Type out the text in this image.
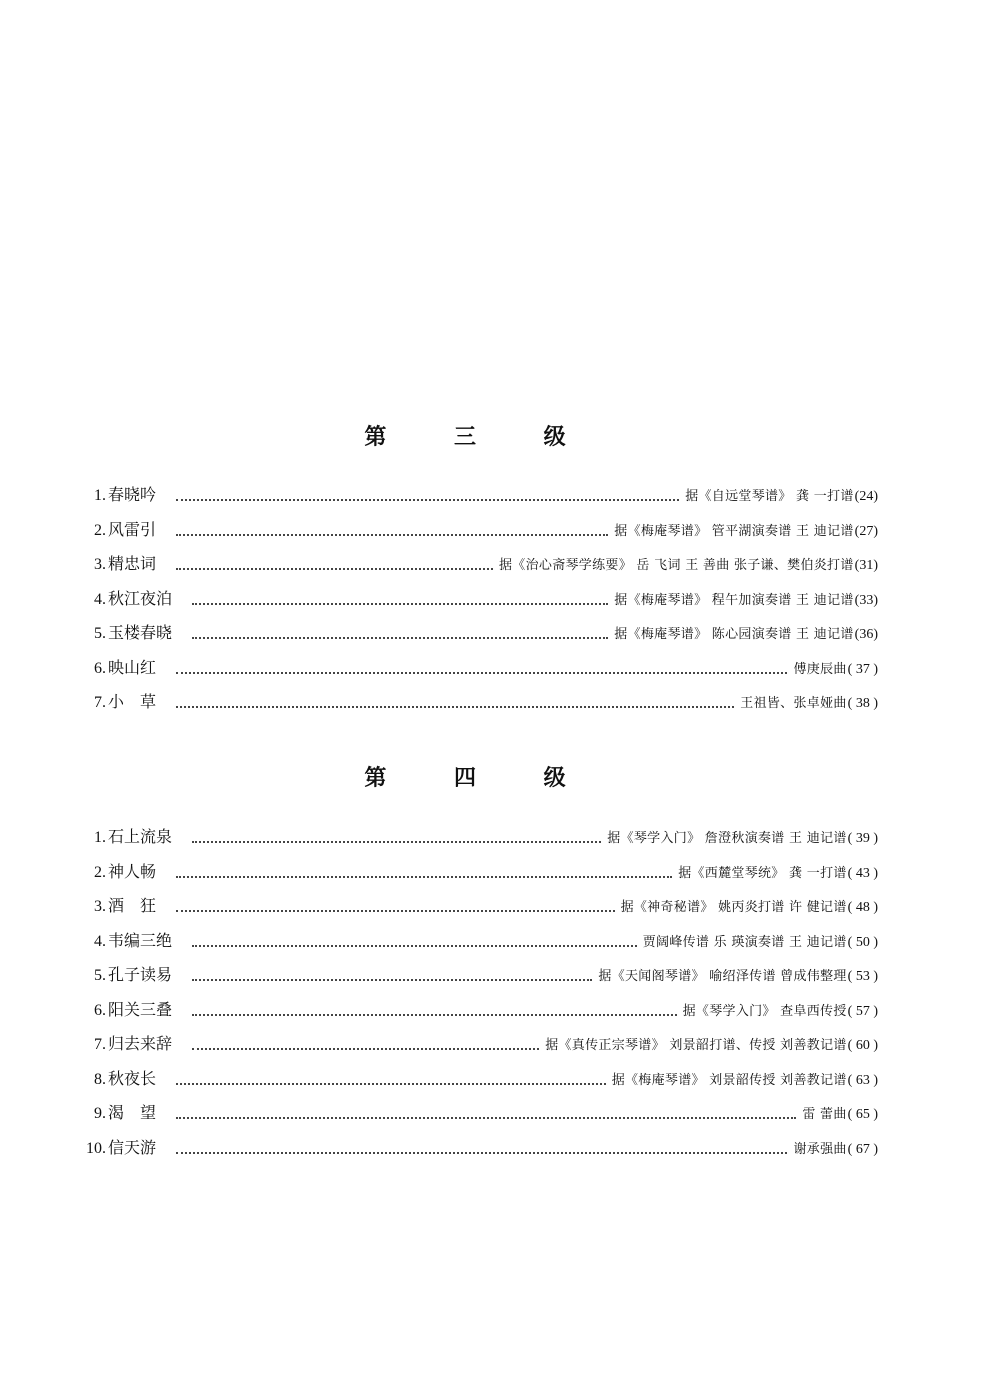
第 三 级
1. 春晓吟	据《自远堂琴谱》 龚 一打谱 (24)
2. 风雷引	据《梅庵琴谱》 管平湖演奏谱 王 迪记谱 (27)
3. 精忠词	据《治心斋琴学练要》 岳 飞词 王 善曲 张子谦、樊伯炎打谱 (31)
4. 秋江夜泊	据《梅庵琴谱》 程午加演奏谱 王 迪记谱 (33)
5. 玉楼春晓	据《梅庵琴谱》 陈心园演奏谱 王 迪记谱 (36)
6. 映山红	傅庚辰曲 ( 37 )
7. 小　草	王祖皆、张卓娅曲 ( 38 )
第 四 级
1. 石上流泉	据《琴学入门》 詹澄秋演奏谱 王 迪记谱 ( 39 )
2. 神人畅	据《西麓堂琴统》 龚 一打谱 ( 43 )
3. 酒　狂	据《神奇秘谱》 姚丙炎打谱 许 健记谱 ( 48 )
4. 韦编三绝	贾阔峰传谱 乐 瑛演奏谱 王 迪记谱 ( 50 )
5. 孔子读易	据《天闻阁琴谱》 喻绍泽传谱 曾成伟整理 ( 53 )
6. 阳关三叠	据《琴学入门》 查阜西传授 ( 57 )
7. 归去来辞	据《真传正宗琴谱》 刘景韶打谱、传授 刘善教记谱 ( 60 )
8. 秋夜长	据《梅庵琴谱》 刘景韶传授 刘善教记谱 ( 63 )
9. 渴　望	雷 蕾曲 ( 65 )
10. 信天游	谢承强曲 ( 67 )
